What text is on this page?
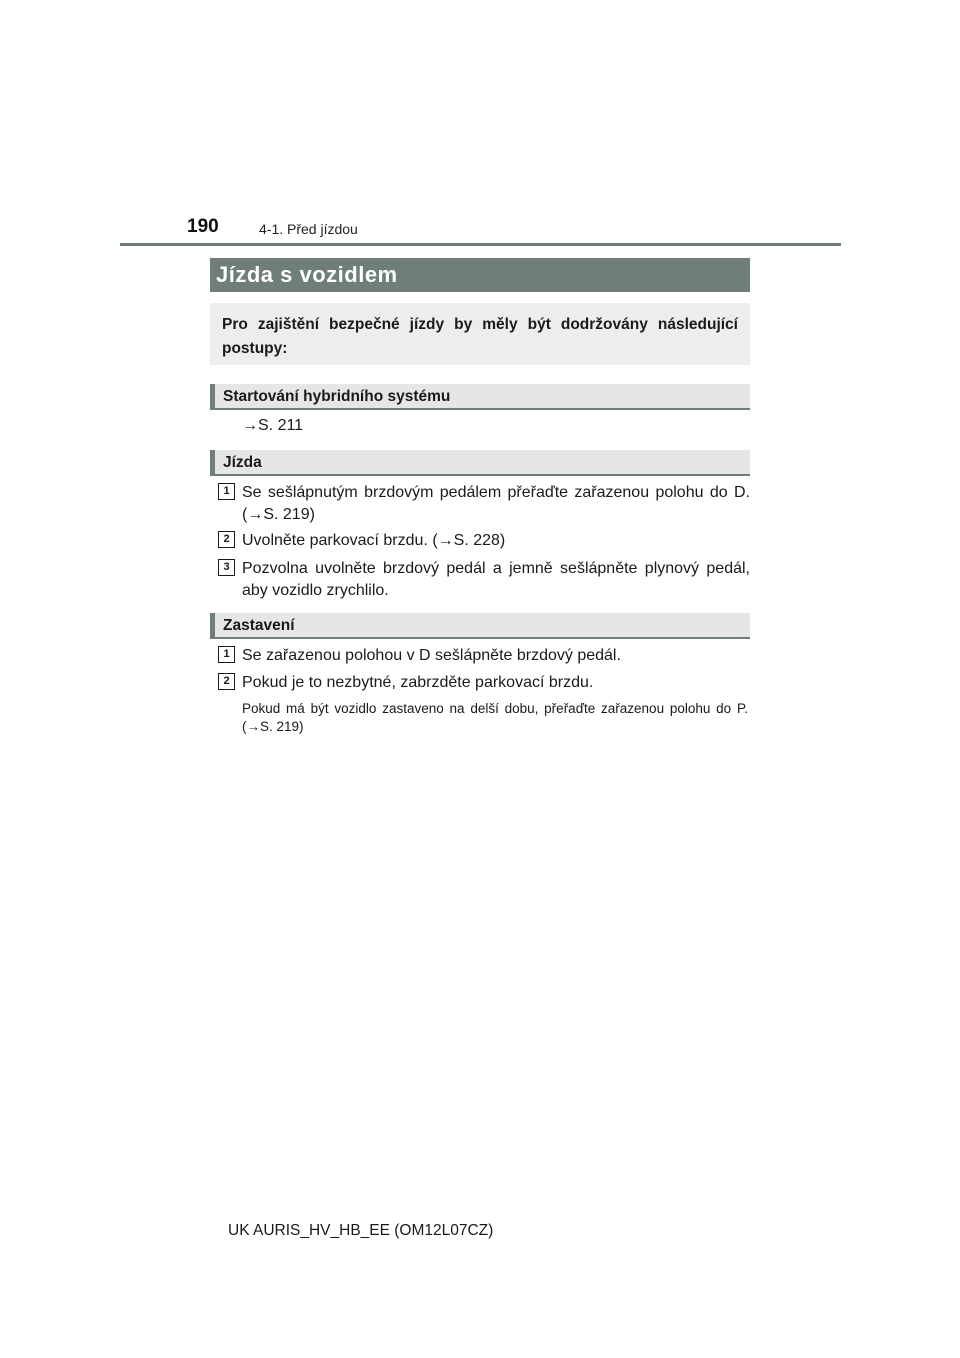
190	4-1. Před jízdou
Jízda s vozidlem
Pro zajištění bezpečné jízdy by měly být dodržovány následující postupy:
Startování hybridního systému
→S. 211
Jízda
1 Se sešlápnutým brzdovým pedálem přeřaďte zařazenou polohu do D. (→S. 219)
2 Uvolněte parkovací brzdu. (→S. 228)
3 Pozvolna uvolněte brzdový pedál a jemně sešlápněte plynový pedál, aby vozidlo zrychlilo.
Zastavení
1 Se zařazenou polohou v D sešlápněte brzdový pedál.
2 Pokud je to nezbytné, zabrzděte parkovací brzdu.
Pokud má být vozidlo zastaveno na delší dobu, přeřaďte zařazenou polohu do P. (→S. 219)
UK AURIS_HV_HB_EE (OM12L07CZ)
